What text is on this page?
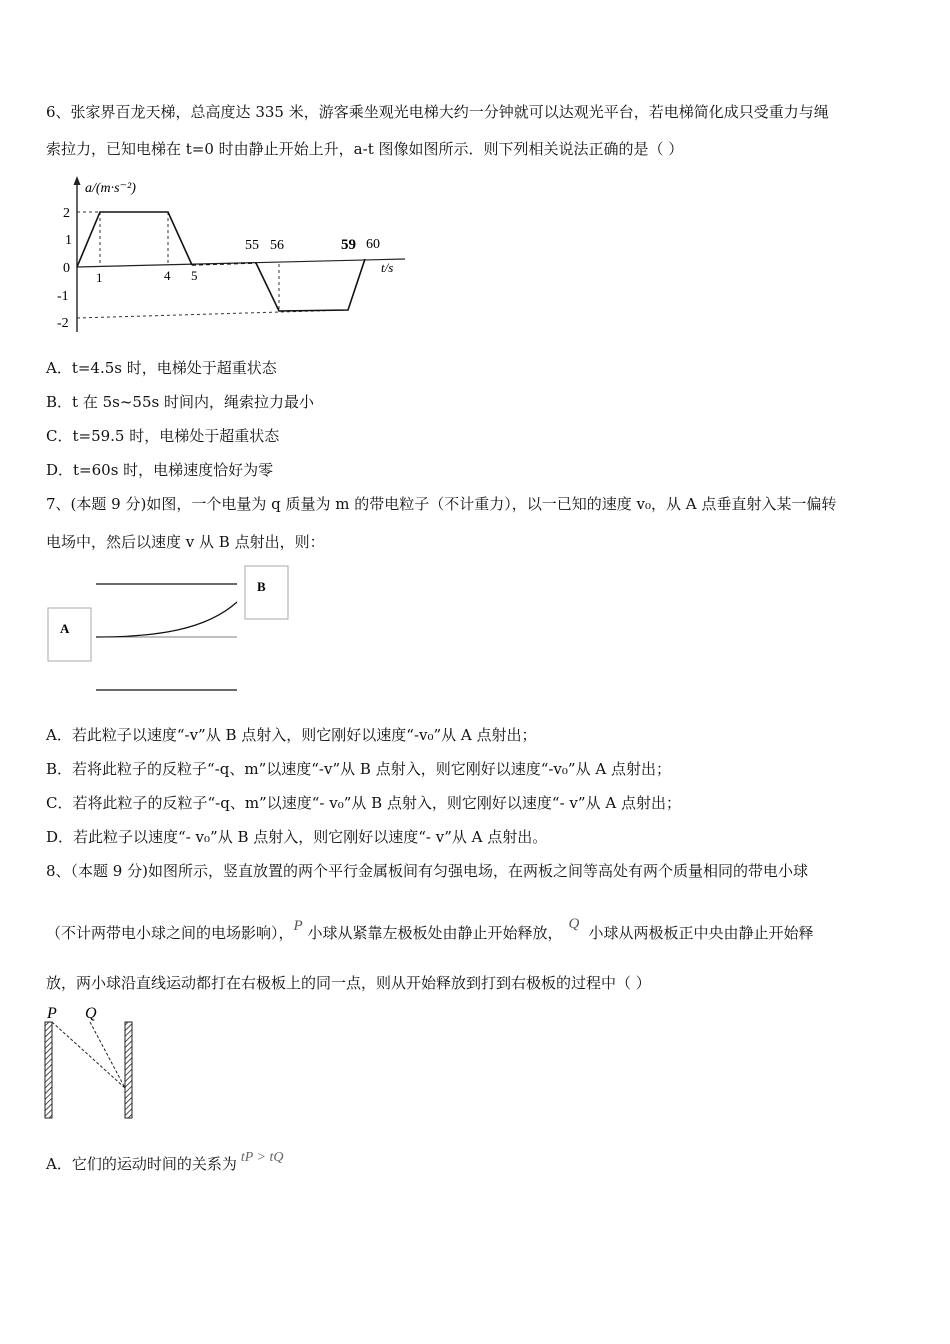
6、张家界百龙天梯，总高度达 335 米，游客乘坐观光电梯大约一分钟就可以达观光平台，若电梯简化成只受重力与绳
索拉力，已知电梯在 t=0 时由静止开始上升，a-t 图像如图所示．则下列相关说法正确的是（ ）
2
1
0
-1
-2
1	4 5
55 56	59 60
a/(m·s⁻²)
t/s
A．t=4.5s 时，电梯处于超重状态
B．t 在 5s~55s 时间内，绳索拉力最小
C．t=59.5 时，电梯处于超重状态
D．t=60s 时，电梯速度恰好为零
7、(本题 9 分)如图，一个电量为 q 质量为 m 的带电粒子（不计重力），以一已知的速度 v₀，从 A 点垂直射入某一偏转
电场中，然后以速度 v 从 B 点射出，则：
A
B
A．若此粒子以速度“-v”从 B 点射入，则它刚好以速度“-v₀”从 A 点射出；
B．若将此粒子的反粒子“-q、m”以速度“-v”从 B 点射入，则它刚好以速度“-v₀”从 A 点射出；
C．若将此粒子的反粒子“-q、m”以速度“- v₀”从 B 点射入，则它刚好以速度“- v”从 A 点射出；
D．若此粒子以速度“- v₀”从 B 点射入，则它刚好以速度“- v”从 A 点射出。
8、（本题 9 分)如图所示，竖直放置的两个平行金属板间有匀强电场，在两板之间等高处有两个质量相同的带电小球
（不计两带电小球之间的电场影响），P 小球从紧靠左极板处由静止开始释放， Q 小球从两极板正中央由静止开始释
放，两小球沿直线运动都打在右极板上的同一点，则从开始释放到打到右极板的过程中（ ）
P Q
A．它们的运动时间的关系为 tP > tQ
